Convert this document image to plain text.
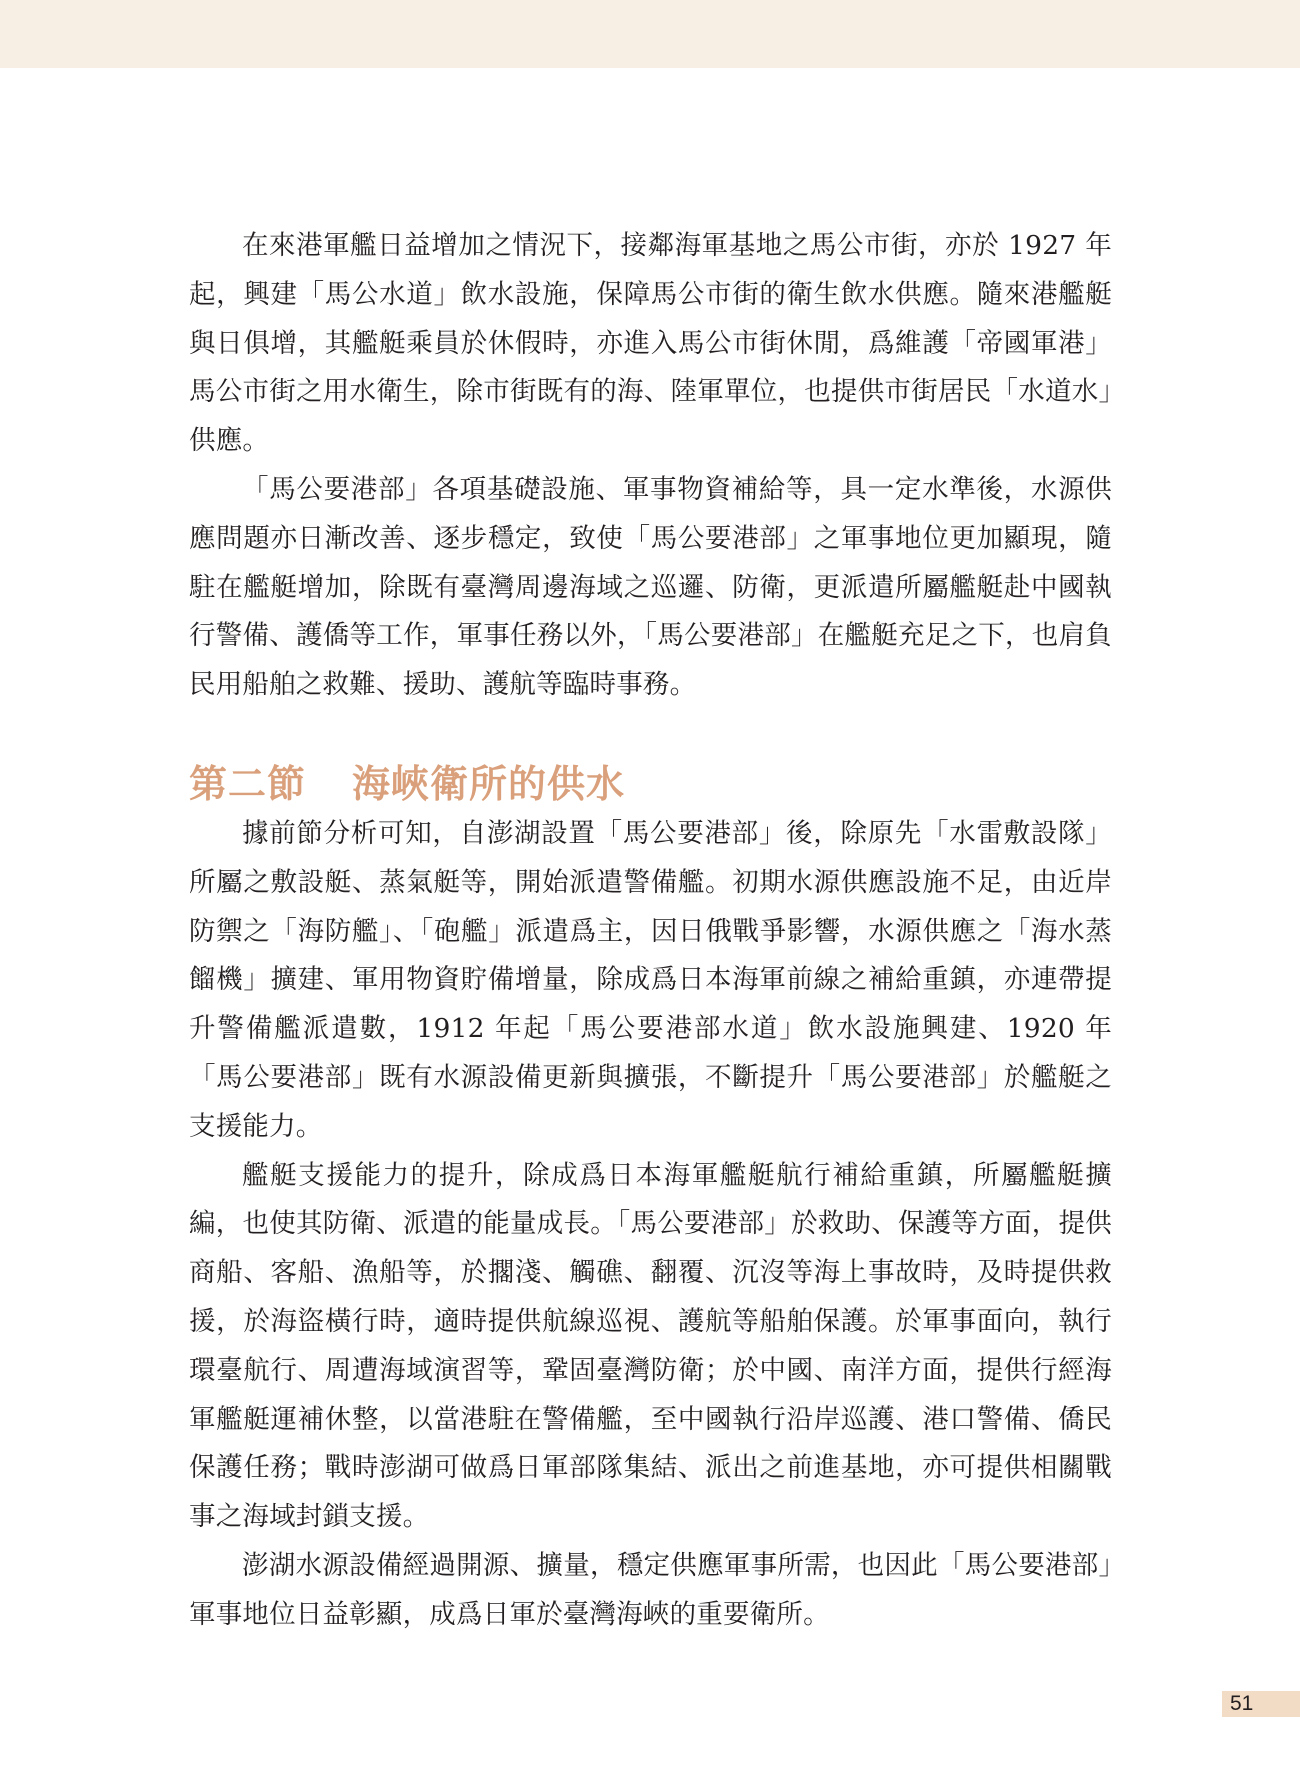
在來港軍艦日益增加之情況下，接鄰海軍基地之馬公市街，亦於 1927 年起，興建「馬公水道」飲水設施，保障馬公市街的衛生飲水供應。隨來港艦艇與日俱增，其艦艇乘員於休假時，亦進入馬公市街休閒，爲維護「帝國軍港」馬公市街之用水衛生，除市街既有的海、陸軍單位，也提供市街居民「水道水」供應。

「馬公要港部」各項基礎設施、軍事物資補給等，具一定水準後，水源供應問題亦日漸改善、逐步穩定，致使「馬公要港部」之軍事地位更加顯現，隨駐在艦艇增加，除既有臺灣周邊海域之巡邏、防衛，更派遣所屬艦艇赴中國執行警備、護僑等工作，軍事任務以外，「馬公要港部」在艦艇充足之下，也肩負民用船舶之救難、援助、護航等臨時事務。

第二節 海峽衛所的供水

據前節分析可知，自澎湖設置「馬公要港部」後，除原先「水雷敷設隊」所屬之敷設艇、蒸氣艇等，開始派遣警備艦。初期水源供應設施不足，由近岸防禦之「海防艦」、「砲艦」派遣爲主，因日俄戰爭影響，水源供應之「海水蒸餾機」擴建、軍用物資貯備增量，除成爲日本海軍前線之補給重鎮，亦連帶提升警備艦派遣數，1912 年起「馬公要港部水道」飲水設施興建、1920 年「馬公要港部」既有水源設備更新與擴張，不斷提升「馬公要港部」於艦艇之支援能力。

艦艇支援能力的提升，除成爲日本海軍艦艇航行補給重鎮，所屬艦艇擴編，也使其防衛、派遣的能量成長。「馬公要港部」於救助、保護等方面，提供商船、客船、漁船等，於擱淺、觸礁、翻覆、沉沒等海上事故時，及時提供救援，於海盜橫行時，適時提供航線巡視、護航等船舶保護。於軍事面向，執行環臺航行、周遭海域演習等，鞏固臺灣防衛；於中國、南洋方面，提供行經海軍艦艇運補休整，以當港駐在警備艦，至中國執行沿岸巡護、港口警備、僑民保護任務；戰時澎湖可做爲日軍部隊集結、派出之前進基地，亦可提供相關戰事之海域封鎖支援。

澎湖水源設備經過開源、擴量，穩定供應軍事所需，也因此「馬公要港部」軍事地位日益彰顯，成爲日軍於臺灣海峽的重要衛所。

51
